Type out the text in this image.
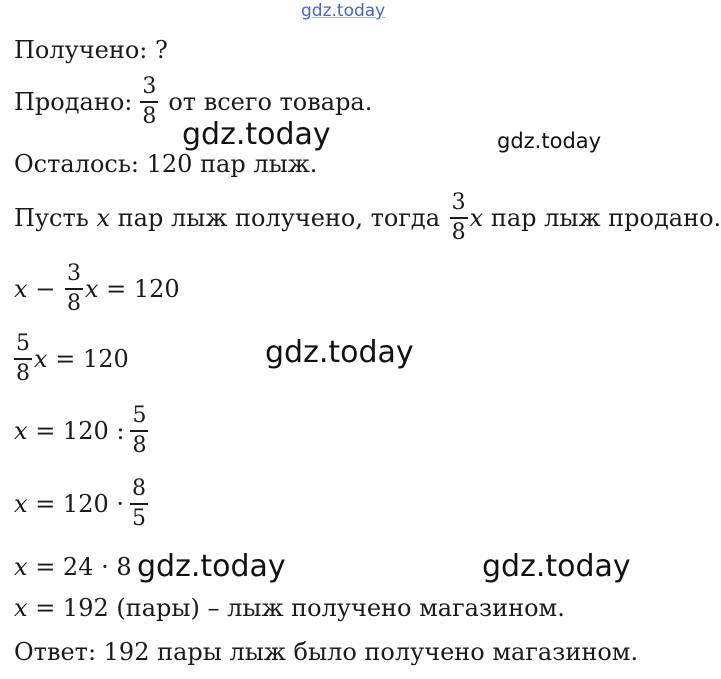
gdz.today
gdz.today	gdz.today
gdz.today
gdz.today	gdz.today
Получено: ?
Продано: $\frac{3}{8}$ от всего товара.
Осталось: 120 пар лыж.
Пусть
x
пар лыж получено, тогда
$\frac{3}{8}$ x
пар лыж продано.
x
−
$\frac{3}{8}$ x
= 120
$\frac{5}{8}$ x
= 120
x
= 120 : $\frac{5}{8}$
x
= $120 \cdot \frac{8}{5}$
x = 24 · 8
x = 192 (пары) – лыж получено магазином.
Ответ: 192 пары лыж было получено магазином.
